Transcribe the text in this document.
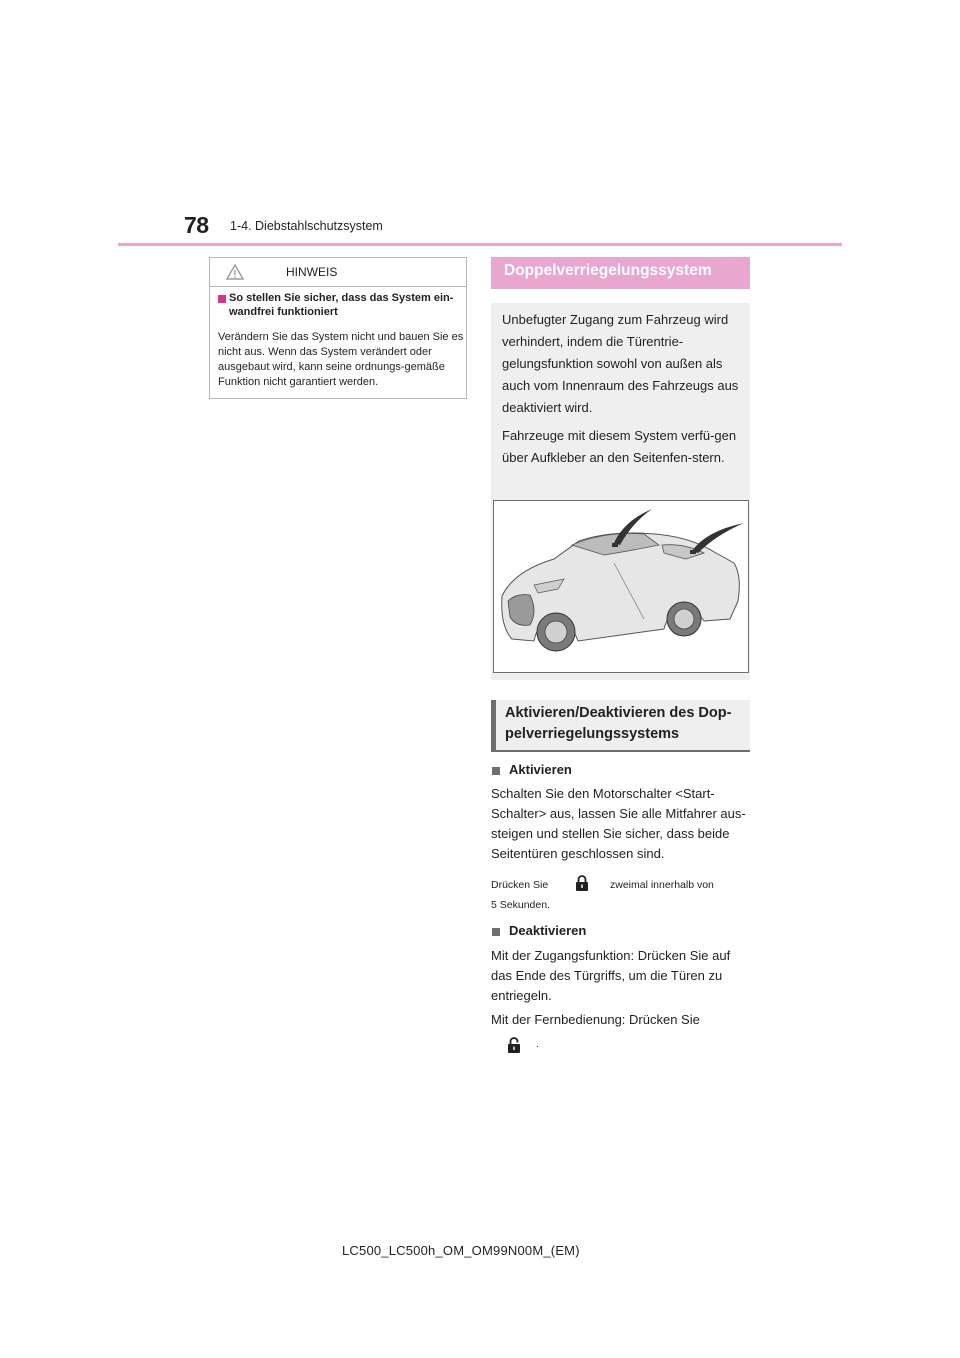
78 1-4. Diebstahlschutzsystem
HINWEIS
So stellen Sie sicher, dass das System ein-wandfrei funktioniert
Verändern Sie das System nicht und bauen Sie es nicht aus. Wenn das System verändert oder ausgebaut wird, kann seine ordnungs-gemäße Funktion nicht garantiert werden.
Doppelverriegelungssystem

Unbefugter Zugang zum Fahrzeug wird verhindert, indem die Türentrie-gelungsfunktion sowohl von außen als auch vom Innenraum des Fahrzeugs aus deaktiviert wird.

Fahrzeuge mit diesem System verfü-gen über Aufkleber an den Seitenfen-stern.

Aktivieren/Deaktivieren des Dop-pelverriegelungssystems
Aktivieren
Schalten Sie den Motorschalter <Start-Schalter> aus, lassen Sie alle Mitfahrer aus-steigen und stellen Sie sicher, dass beide Seitentüren geschlossen sind.
Drücken Sie	zweimal innerhalb von
5 Sekunden.
Deaktivieren
Mit der Zugangsfunktion: Drücken Sie auf das Ende des Türgriffs, um die Türen zu entriegeln.
Mit der Fernbedienung: Drücken Sie
.
LC500_LC500h_OM_OM99N00M_(EM)
